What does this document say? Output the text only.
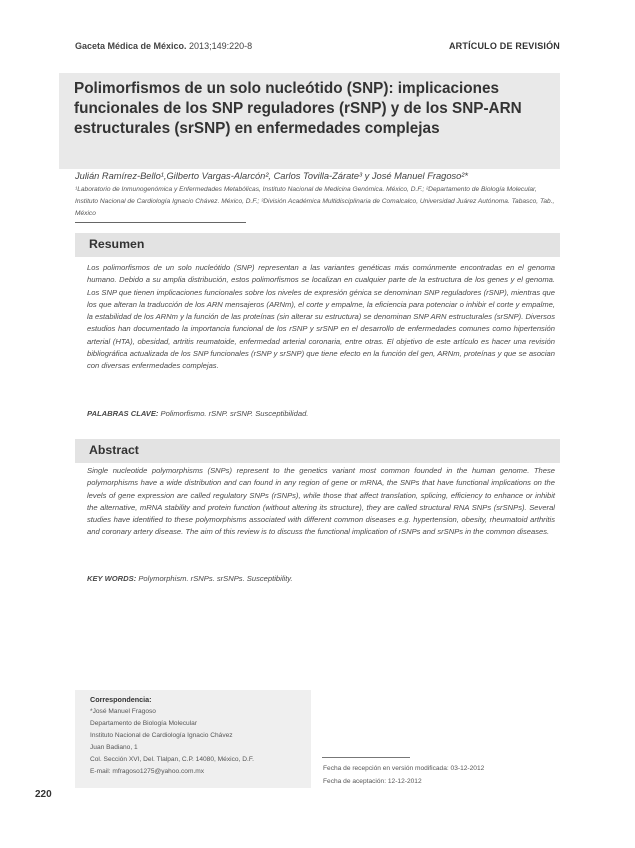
Gaceta Médica de México. 2013;149:220-8	ARTÍCULO DE REVISIÓN
Polimorfismos de un solo nucleótido (SNP): implicaciones funcionales de los SNP reguladores (rSNP) y de los SNP-ARN estructurales (srSNP) en enfermedades complejas
Julián Ramírez-Bello¹,Gilberto Vargas-Alarcón², Carlos Tovilla-Zárate³ y José Manuel Fragoso²*
¹Laboratorio de Inmunogenómica y Enfermedades Metabólicas, Instituto Nacional de Medicina Genómica. México, D.F.; ²Departamento de Biología Molecular, Instituto Nacional de Cardiología Ignacio Chávez. México, D.F.; ³División Académica Multidisciplinaria de Comalcalco, Universidad Juárez Autónoma. Tabasco, Tab., México
Resumen
Los polimorfismos de un solo nucleótido (SNP) representan a las variantes genéticas más comúnmente encontradas en el genoma humano. Debido a su amplia distribución, estos polimorfismos se localizan en cualquier parte de la estructura de los genes y el genoma. Los SNP que tienen implicaciones funcionales sobre los niveles de expresión génica se denominan SNP reguladores (rSNP), mientras que los que alteran la traducción de los ARN mensajeros (ARNm), el corte y empalme, la eficiencia para potenciar o inhibir el corte y empalme, la estabilidad de los ARNm y la función de las proteínas (sin alterar su estructura) se denominan SNP ARN estructurales (srSNP). Diversos estudios han documentado la importancia funcional de los rSNP y srSNP en el desarrollo de enfermedades comunes como hipertensión arterial (HTA), obesidad, artritis reumatoide, enfermedad arterial coronaria, entre otras. El objetivo de este artículo es hacer una revisión bibliográfica actualizada de los SNP funcionales (rSNP y srSNP) que tiene efecto en la función del gen, ARNm, proteínas y que se asocian con diversas enfermedades complejas.
PALABRAS CLAVE: Polimorfismo. rSNP. srSNP. Susceptibilidad.
Abstract
Single nucleotide polymorphisms (SNPs) represent to the genetics variant most common founded in the human genome. These polymorphisms have a wide distribution and can found in any region of gene or mRNA, the SNPs that have functional implications on the levels of gene expression are called regulatory SNPs (rSNPs), while those that affect translation, splicing, efficiency to enhance or inhibit the alternative, mRNA stability and protein function (without altering its structure), they are called structural RNA SNPs (srSNPs). Several studies have identified to these polymorphisms associated with different common diseases e.g. hypertension, obesity, rheumatoid arthritis and coronary artery disease. The aim of this review is to discuss the functional implication of rSNPs and srSNPs in the common diseases.
KEY WORDS: Polymorphism. rSNPs. srSNPs. Susceptibility.
Correspondencia:
*José Manuel Fragoso
Departamento de Biología Molecular
Instituto Nacional de Cardiología Ignacio Chávez
Juan Badiano, 1
Col. Sección XVI, Del. Tlalpan, C.P. 14080, México, D.F.
E-mail: mfragoso1275@yahoo.com.mx	Fecha de recepción en versión modificada: 03-12-2012
Fecha de aceptación: 12-12-2012
220
